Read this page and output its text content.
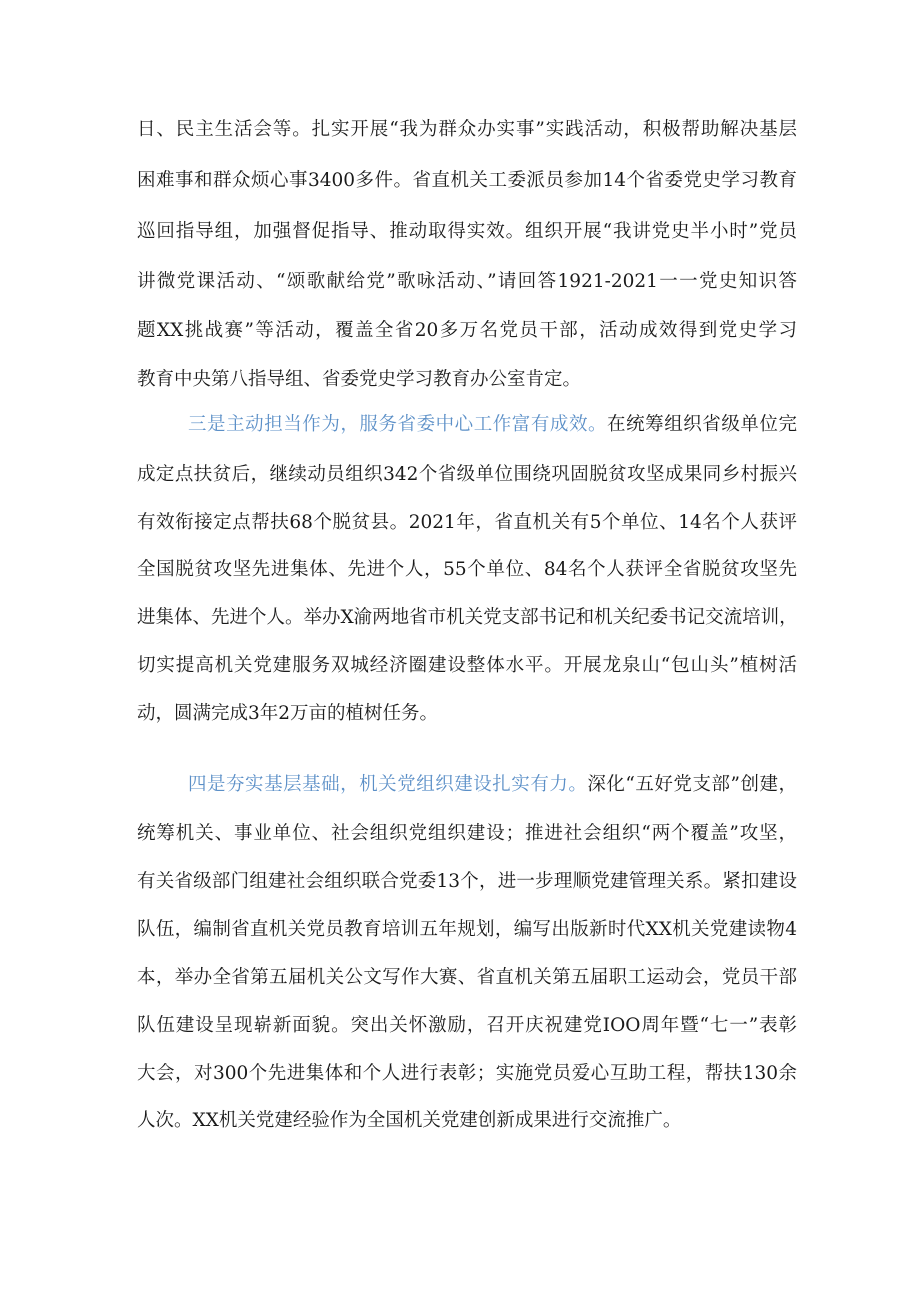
日、民主生活会等。扎实开展“我为群众办实事”实践活动，积极帮助解决基层
困难事和群众烦心事3400多件。省直机关工委派员参加14个省委党史学习教育
巡回指导组，加强督促指导、推动取得实效。组织开展“我讲党史半小时”党员
讲微党课活动、“颂歌献给党”歌咏活动、”请回答1921-2021一一党史知识答
题XX挑战赛”等活动，覆盖全省20多万名党员干部，活动成效得到党史学习
教育中央第八指导组、省委党史学习教育办公室肯定。
三是主动担当作为，服务省委中心工作富有成效。在统筹组织省级单位完
成定点扶贫后，继续动员组织342个省级单位围绕巩固脱贫攻坚成果同乡村振兴
有效衔接定点帮扶68个脱贫县。2021年，省直机关有5个单位、14名个人获评
全国脱贫攻坚先进集体、先进个人，55个单位、84名个人获评全省脱贫攻坚先
进集体、先进个人。举办X渝两地省市机关党支部书记和机关纪委书记交流培训，
切实提高机关党建服务双城经济圈建设整体水平。开展龙泉山“包山头”植树活
动，圆满完成3年2万亩的植树任务。
四是夯实基层基础，机关党组织建设扎实有力。深化“五好党支部”创建，
统筹机关、事业单位、社会组织党组织建设；推进社会组织“两个覆盖”攻坚，
有关省级部门组建社会组织联合党委13个，进一步理顺党建管理关系。紧扣建设
队伍，编制省直机关党员教育培训五年规划，编写出版新时代XX机关党建读物4
本，举办全省第五届机关公文写作大赛、省直机关第五届职工运动会，党员干部
队伍建设呈现崭新面貌。突出关怀激励，召开庆祝建党IOO周年暨“七一”表彰
大会，对300个先进集体和个人进行表彰；实施党员爱心互助工程，帮扶130余
人次。XX机关党建经验作为全国机关党建创新成果进行交流推广。
